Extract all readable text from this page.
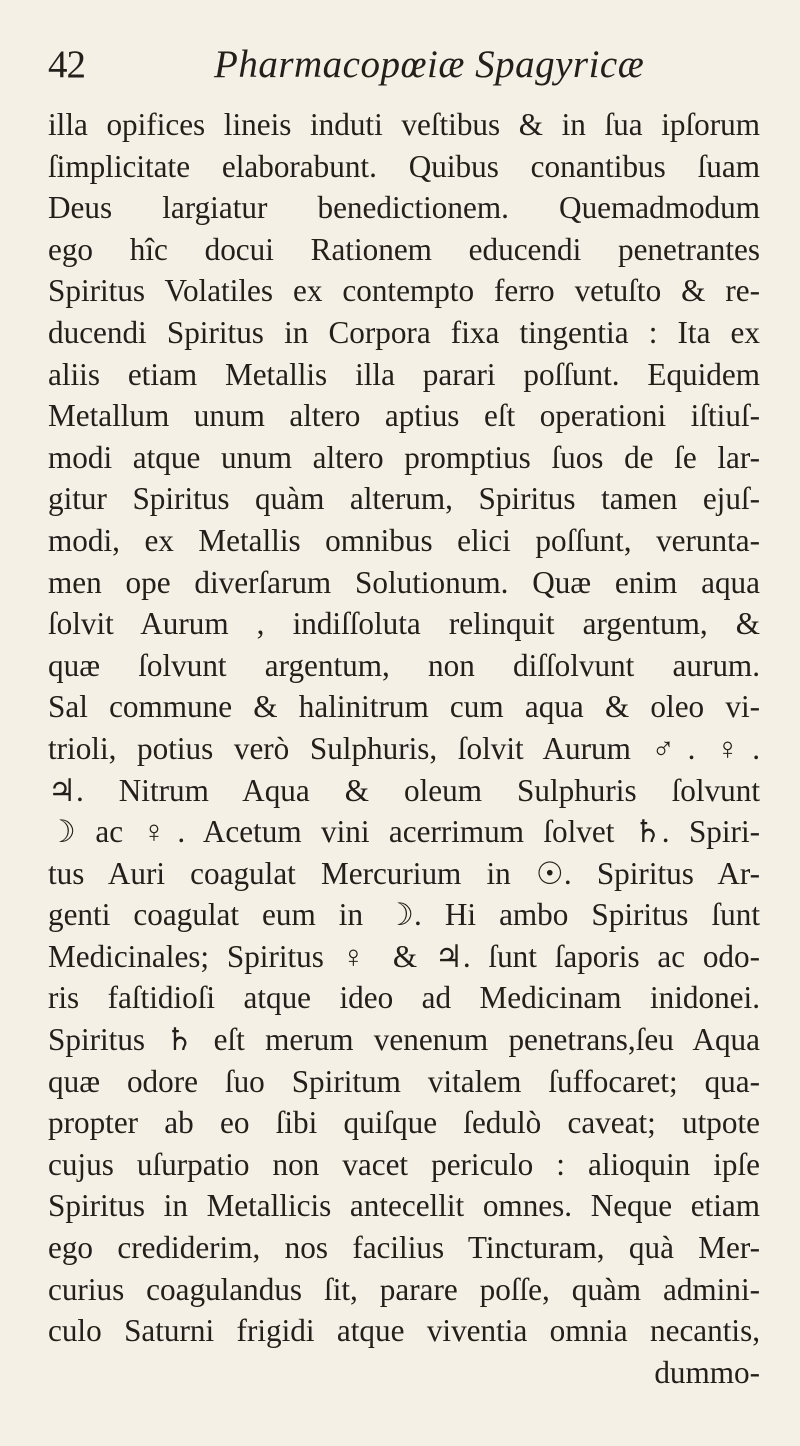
42	Pharmacopœiæ Spagyricæ
illa opifices lineis induti veſtibus & in ſua ipſorum
ſimplicitate elaborabunt. Quibus conantibus ſuam
Deus largiatur benedictionem. Quemadmodum
ego hîc docui Rationem educendi penetrantes
Spiritus Volatiles ex contempto ferro vetuſto & re-
ducendi Spiritus in Corpora fixa tingentia : Ita ex
aliis etiam Metallis illa parari poſſunt. Equidem
Metallum unum altero aptius eſt operationi iſtiuſ-
modi atque unum altero promptius ſuos de ſe lar-
gitur Spiritus quàm alterum, Spiritus tamen ejuſ-
modi, ex Metallis omnibus elici poſſunt, verunta-
men ope diverſarum Solutionum. Quæ enim aqua
ſolvit Aurum , indiſſoluta relinquit argentum, &
quæ ſolvunt argentum, non diſſolvunt aurum.
Sal commune & halinitrum cum aqua & oleo vi-
trioli, potius verò Sulphuris, ſolvit Aurum ♂. ♀.
♃. Nitrum Aqua & oleum Sulphuris ſolvunt
☽ ac ♀. Acetum vini acerrimum ſolvet ♄. Spiri-
tus Auri coagulat Mercurium in ☉. Spiritus Ar-
genti coagulat eum in ☽. Hi ambo Spiritus ſunt
Medicinales; Spiritus ♀ & ♃. ſunt ſaporis ac odo-
ris faſtidioſi atque ideo ad Medicinam inidonei.
Spiritus ♄ eſt merum venenum penetrans,ſeu Aqua
quæ odore ſuo Spiritum vitalem ſuffocaret; qua-
propter ab eo ſibi quiſque ſedulò caveat; utpote
cujus uſurpatio non vacet periculo : alioquin ipſe
Spiritus in Metallicis antecellit omnes. Neque etiam
ego crediderim, nos facilius Tincturam, quà Mer-
curius coagulandus ſit, parare poſſe, quàm admini-
culo Saturni frigidi atque viventia omnia necantis,
dummo-
